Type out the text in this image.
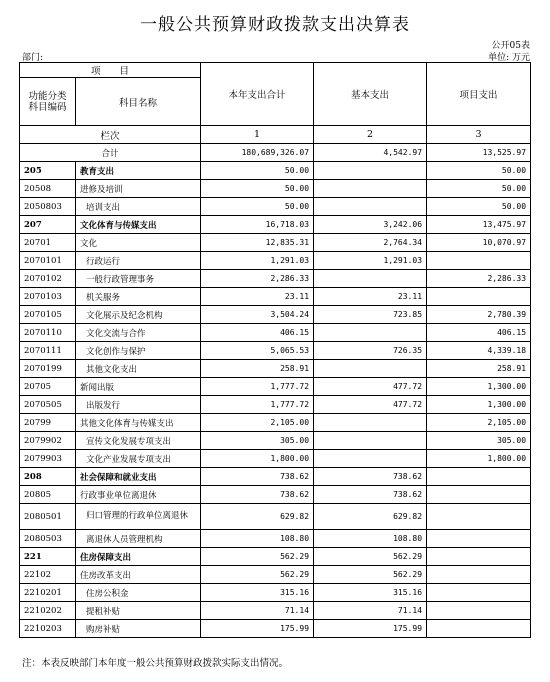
一般公共预算财政拨款支出决算表
公开05表
部门:	单位: 万元
项　　目		本年支出合计	基本支出	项目支出
功能分类科目编码	科目名称			
栏次		1	2	3
合计		180,689,326.07	4,542.97	13,525.97
205	教育支出	50.00		50.00
20508	进修及培训	50.00		50.00
2050803	培训支出	50.00		50.00
207	文化体育与传媒支出	16,718.03	3,242.06	13,475.97
20701	文化	12,835.31	2,764.34	10,070.97
2070101	行政运行	1,291.03	1,291.03	
2070102	一般行政管理事务	2,286.33		2,286.33
2070103	机关服务	23.11	23.11	
2070105	文化展示及纪念机构	3,504.24	723.85	2,780.39
2070110	文化交流与合作	406.15		406.15
2070111	文化创作与保护	5,065.53	726.35	4,339.18
2070199	其他文化支出	258.91		258.91
20705	新闻出版	1,777.72	477.72	1,300.00
2070505	出版发行	1,777.72	477.72	1,300.00
20799	其他文化体育与传媒支出	2,105.00		2,105.00
2079902	宣传文化发展专项支出	305.00		305.00
2079903	文化产业发展专项支出	1,800.00		1,800.00
208	社会保障和就业支出	738.62	738.62	
20805	行政事业单位离退休	738.62	738.62	
2080501	归口管理的行政单位离退休	629.82	629.82	
2080503	离退休人员管理机构	108.80	108.80	
221	住房保障支出	562.29	562.29	
22102	住房改革支出	562.29	562.29	
2210201	住房公积金	315.16	315.16	
2210202	提租补贴	71.14	71.14	
2210203	购房补贴	175.99	175.99	
注：本表反映部门本年度一般公共预算财政拨款实际支出情况。
